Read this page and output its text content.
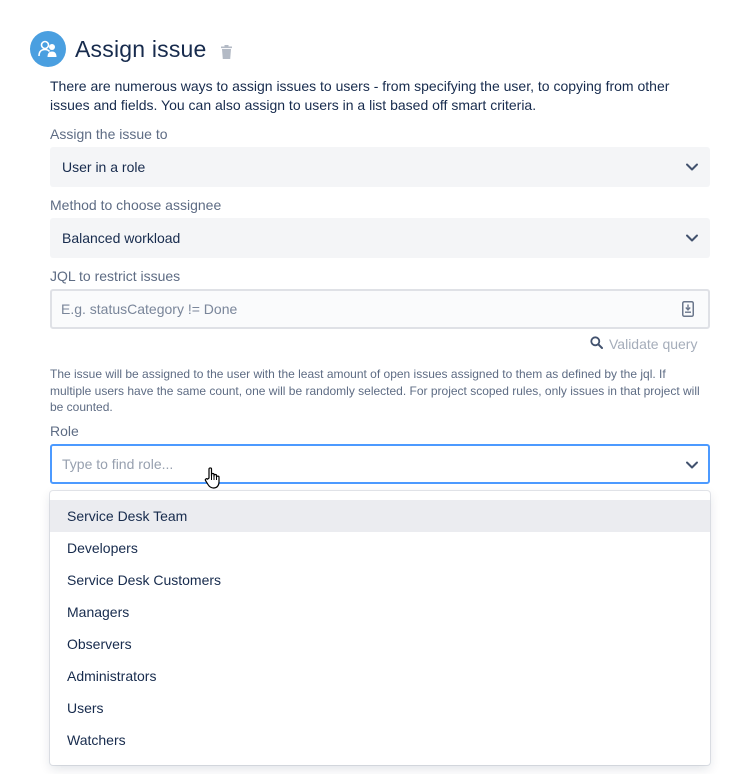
Assign issue
There are numerous ways to assign issues to users - from specifying the user, to copying from other issues and fields. You can also assign to users in a list based off smart criteria.
Assign the issue to
User in a role
Method to choose assignee
Balanced workload
JQL to restrict issues
E.g. statusCategory != Done
Validate query
The issue will be assigned to the user with the least amount of open issues assigned to them as defined by the jql. If multiple users have the same count, one will be randomly selected. For project scoped rules, only issues in that project will be counted.
Role
Type to find role...
Service Desk Team
Developers
Service Desk Customers
Managers
Observers
Administrators
Users
Watchers
